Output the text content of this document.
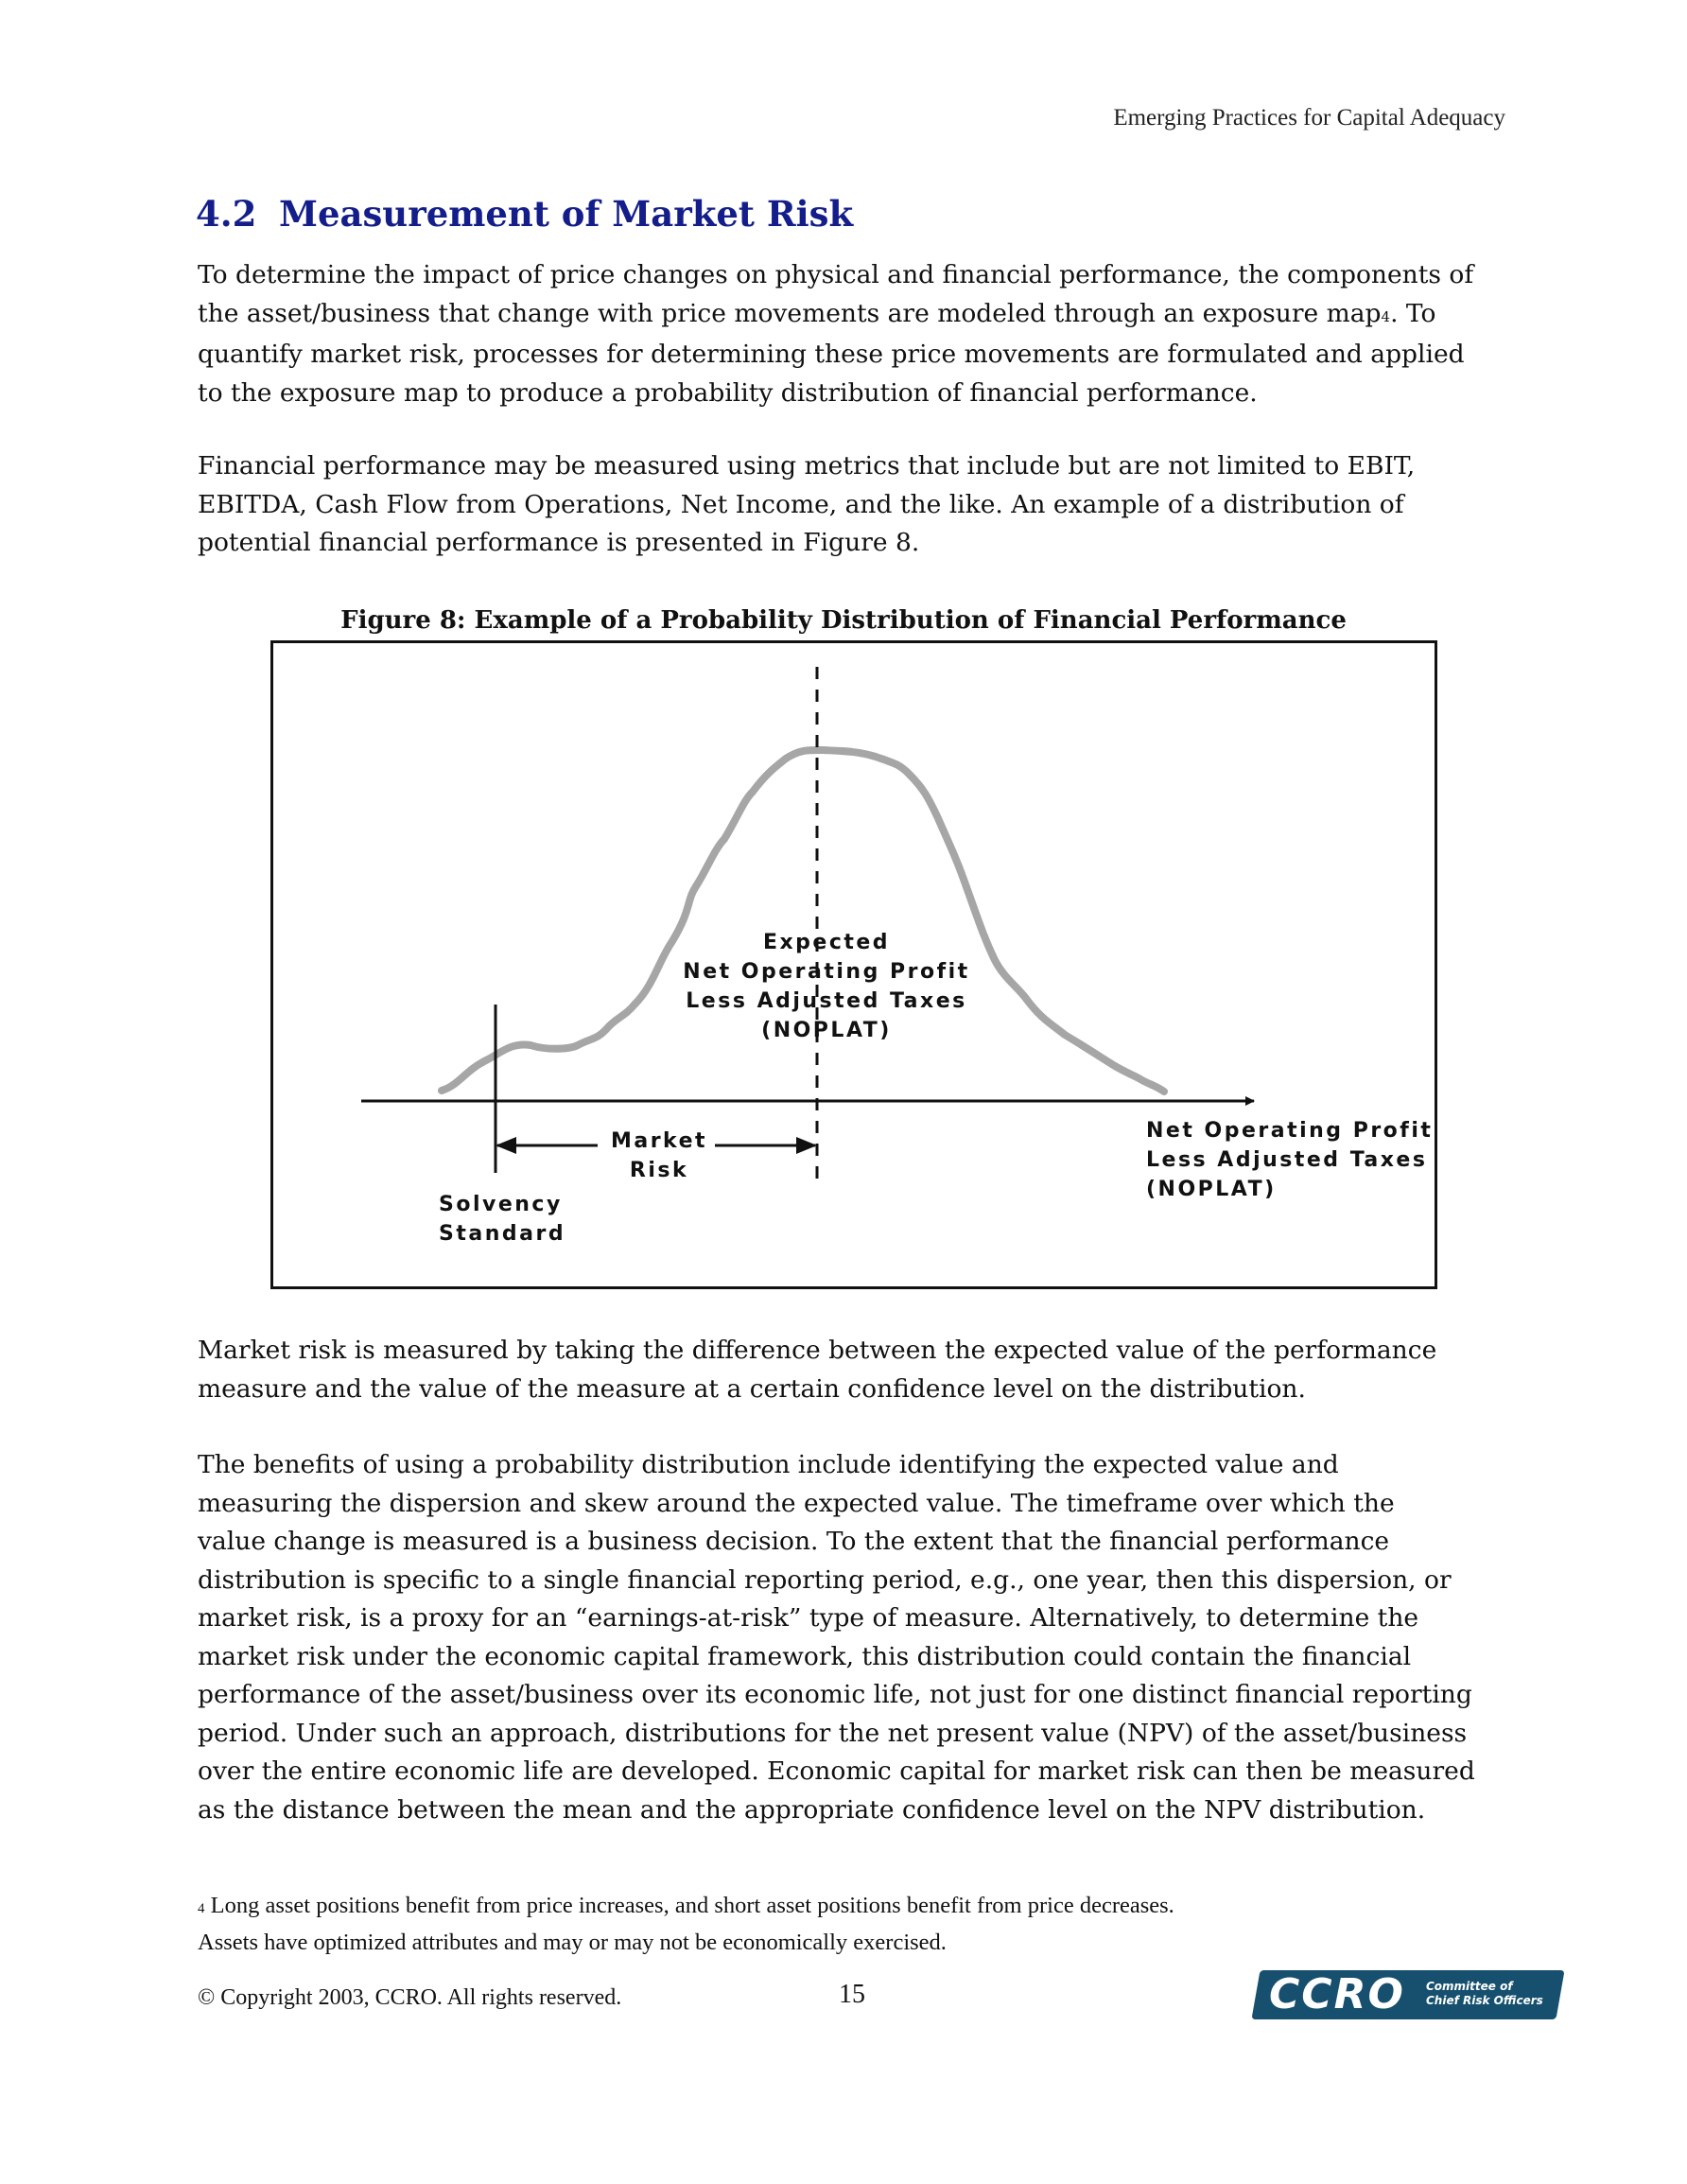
Emerging Practices for Capital Adequacy
4.2 Measurement of Market Risk

To determine the impact of price changes on physical and financial performance, the components of
the asset/business that change with price movements are modeled through an exposure map4. To
quantify market risk, processes for determining these price movements are formulated and applied
to the exposure map to produce a probability distribution of financial performance.

Financial performance may be measured using metrics that include but are not limited to EBIT,
EBITDA, Cash Flow from Operations, Net Income, and the like. An example of a distribution of
potential financial performance is presented in Figure 8.

Figure 8: Example of a Probability Distribution of Financial Performance
Expected
Net Operating Profit
Less Adjusted Taxes
(NOPLAT)
Market
Risk
Solvency
Standard
Net Operating Profit
Less Adjusted Taxes
(NOPLAT)

Market risk is measured by taking the difference between the expected value of the performance
measure and the value of the measure at a certain confidence level on the distribution.

The benefits of using a probability distribution include identifying the expected value and
measuring the dispersion and skew around the expected value. The timeframe over which the
value change is measured is a business decision. To the extent that the financial performance
distribution is specific to a single financial reporting period, e.g., one year, then this dispersion, or
market risk, is a proxy for an “earnings-at-risk” type of measure. Alternatively, to determine the
market risk under the economic capital framework, this distribution could contain the financial
performance of the asset/business over its economic life, not just for one distinct financial reporting
period. Under such an approach, distributions for the net present value (NPV) of the asset/business
over the entire economic life are developed. Economic capital for market risk can then be measured
as the distance between the mean and the appropriate confidence level on the NPV distribution.

4 Long asset positions benefit from price increases, and short asset positions benefit from price decreases.
Assets have optimized attributes and may or may not be economically exercised.

© Copyright 2003, CCRO. All rights reserved.	15	CCRO Committee of
Chief Risk Officers
